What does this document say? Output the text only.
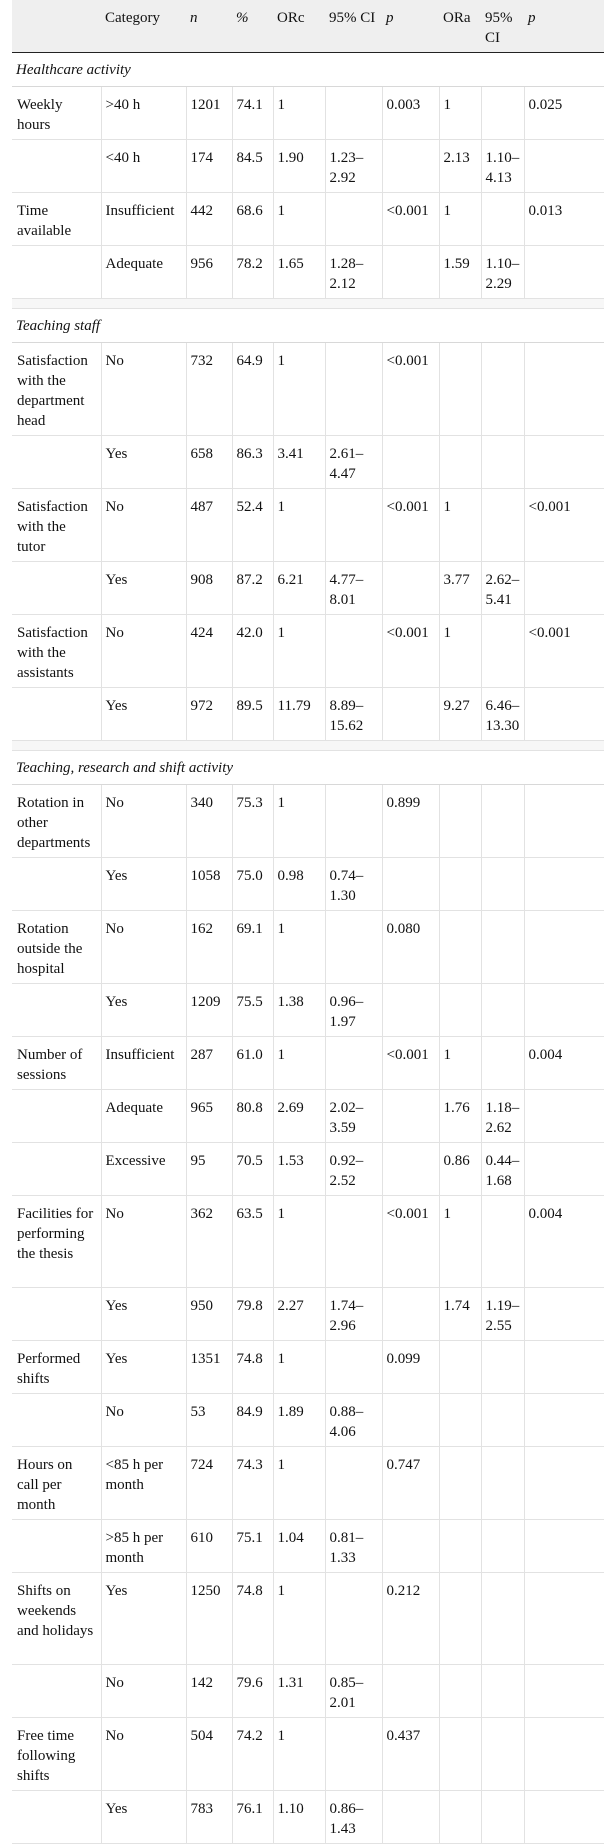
	Category	n	%	ORc	95% CI	p	ORa	95% CI	p
Healthcare activity									
Weekly hours	>40 h	1201	74.1	1		0.003	1		0.025
	<40 h	174	84.5	1.90	1.23–2.92		2.13	1.10–4.13	
Time available	Insufficient	442	68.6	1		<0.001	1		0.013
	Adequate	956	78.2	1.65	1.28–2.12		1.59	1.10–2.29	

Teaching staff									
Satisfaction with the department head	No	732	64.9	1		<0.001			
	Yes	658	86.3	3.41	2.61–4.47				
Satisfaction with the tutor	No	487	52.4	1		<0.001	1		<0.001
	Yes	908	87.2	6.21	4.77–8.01		3.77	2.62–5.41	
Satisfaction with the assistants	No	424	42.0	1		<0.001	1		<0.001
	Yes	972	89.5	11.79	8.89–15.62		9.27	6.46–13.30	

Teaching, research and shift activity									
Rotation in other departments	No	340	75.3	1		0.899			
	Yes	1058	75.0	0.98	0.74–1.30				
Rotation outside the hospital	No	162	69.1	1		0.080			
	Yes	1209	75.5	1.38	0.96–1.97				
Number of sessions	Insufficient	287	61.0	1		<0.001	1		0.004
	Adequate	965	80.8	2.69	2.02–3.59		1.76	1.18–2.62	
	Excessive	95	70.5	1.53	0.92–2.52		0.86	0.44–1.68	
Facilities for performing the thesis	No	362	63.5	1		<0.001	1		0.004
	Yes	950	79.8	2.27	1.74–2.96		1.74	1.19–2.55	
Performed shifts	Yes	1351	74.8	1		0.099			
	No	53	84.9	1.89	0.88–4.06				
Hours on call per month	<85 h per month	724	74.3	1		0.747			
	>85 h per month	610	75.1	1.04	0.81–1.33				
Shifts on weekends and holidays	Yes	1250	74.8	1		0.212			
	No	142	79.6	1.31	0.85–2.01				
Free time following shifts	No	504	74.2	1		0.437			
	Yes	783	76.1	1.10	0.86–1.43				
